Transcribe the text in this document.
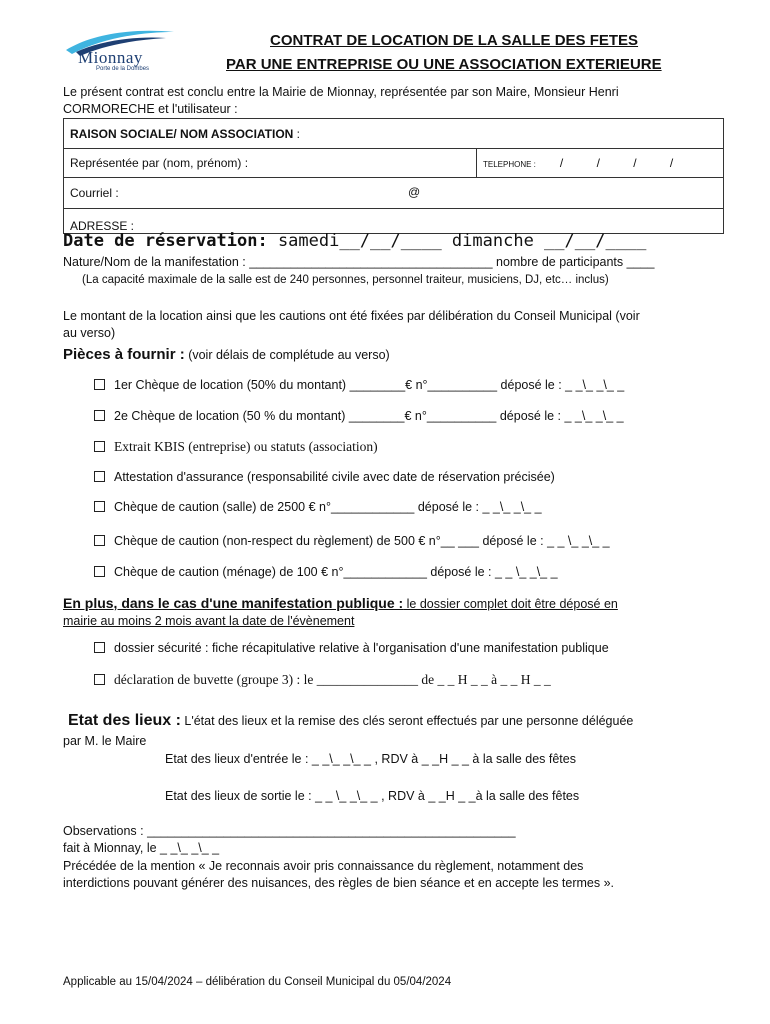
Mionnay
Porte de la Dombes
CONTRAT DE LOCATION DE LA SALLE DES FETES
PAR UNE ENTREPRISE OU UNE ASSOCIATION EXTERIEURE
Le présent contrat est conclu entre la Mairie de Mionnay, représentée par son Maire, Monsieur Henri
CORMORECHE et l'utilisateur :
RAISON SOCIALE/ NOM ASSOCIATION :
Représentée par (nom, prénom) :	TELEPHONE : /          /          /          /
Courriel :	@

ADRESSE :
Date de réservation: samedi__/__/____ dimanche __/__/____
Nature/Nom de la manifestation : ___________________________________ nombre de participants ____
(La capacité maximale de la salle est de 240 personnes, personnel traiteur, musiciens, DJ, etc… inclus)
Le montant de la location ainsi que les cautions ont été fixées par délibération du Conseil Municipal (voir
au verso)
Pièces à fournir : (voir délais de complétude au verso)
1er Chèque de location (50% du montant) ________€ n°__________ déposé le : _ _\_ _\_ _
2e Chèque de location (50 % du montant) ________€ n°__________ déposé le : _ _\_ _\_ _
Extrait KBIS (entreprise) ou statuts (association)
Attestation d'assurance (responsabilité civile avec date de réservation précisée)
Chèque de caution (salle) de 2500 € n°____________ déposé le : _ _\_ _\_ _
Chèque de caution (non-respect du règlement) de 500 € n°__ ___ déposé le : _ _ \_ _\_ _
Chèque de caution (ménage) de 100 € n°____________ déposé le : _ _ \_ _\_ _
En plus, dans le cas d'une manifestation publique : le dossier complet doit être déposé en
mairie au moins 2 mois avant la date de l'évènement
dossier sécurité : fiche récapitulative relative à l'organisation d'une manifestation publique
déclaration de buvette (groupe 3) : le _______________ de _ _ H _ _ à _ _ H _ _
Etat des lieux : L'état des lieux et la remise des clés seront effectués par une personne déléguée
par M. le Maire
Etat des lieux d'entrée le : _ _\_ _\_ _ , RDV à _ _H _ _ à la salle des fêtes
Etat des lieux de sortie le : _ _ \_ _\_ _ , RDV à _ _H _ _à la salle des fêtes
Observations : _____________________________________________________
fait à Mionnay, le _ _\_ _\_ _
Précédée de la mention « Je reconnais avoir pris connaissance du règlement, notamment des
interdictions pouvant générer des nuisances, des règles de bien séance et en accepte les termes ».
Applicable au 15/04/2024 – délibération du Conseil Municipal du 05/04/2024
